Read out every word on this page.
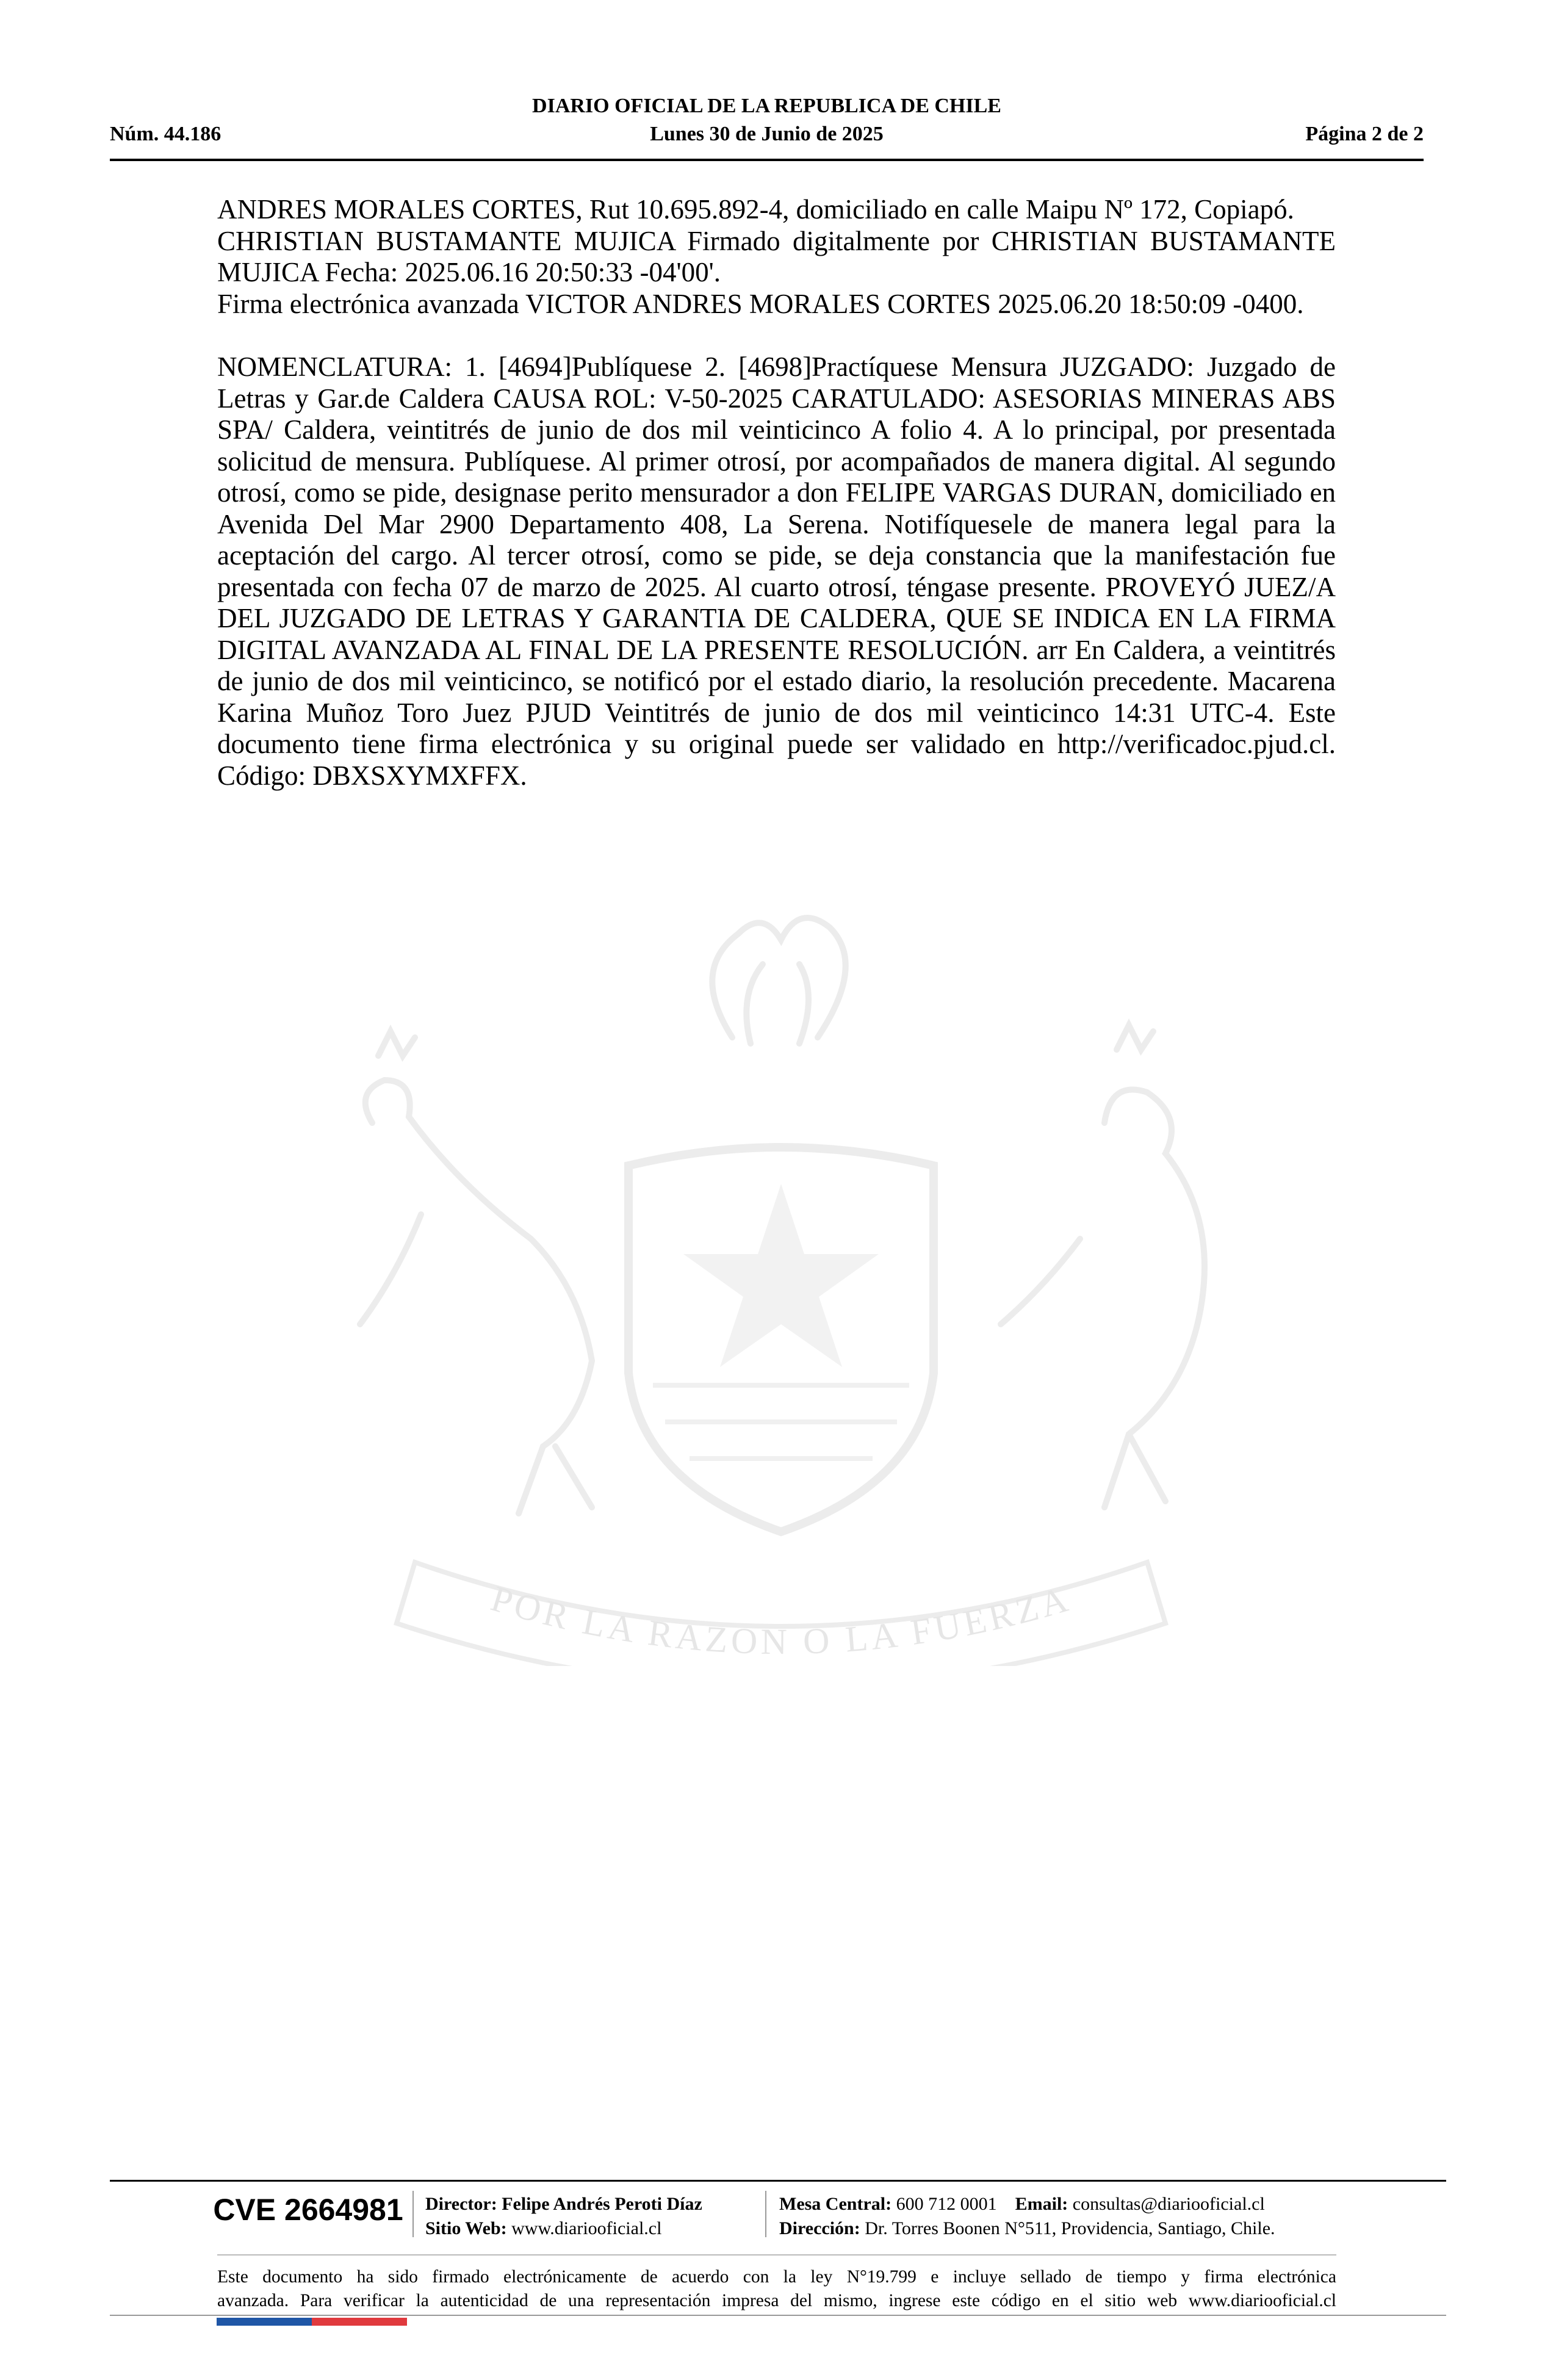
DIARIO OFICIAL DE LA REPUBLICA DE CHILE
Núm. 44.186	Lunes 30 de Junio de 2025	Página 2 de 2
POR LA RAZON O LA FUERZA

ANDRES MORALES CORTES, Rut 10.695.892-4, domiciliado en calle Maipu Nº 172, Copiapó.

CHRISTIAN BUSTAMANTE MUJICA Firmado digitalmente por CHRISTIAN BUSTAMANTE MUJICA Fecha: 2025.06.16 20:50:33 -04'00'.

Firma electrónica avanzada VICTOR ANDRES MORALES CORTES 2025.06.20 18:50:09 -0400.

NOMENCLATURA: 1. [4694]Publíquese 2. [4698]Practíquese Mensura JUZGADO: Juzgado de Letras y Gar.de Caldera CAUSA ROL: V-50-2025 CARATULADO: ASESORIAS MINERAS ABS SPA/ Caldera, veintitrés de junio de dos mil veinticinco A folio 4. A lo principal, por presentada solicitud de mensura. Publíquese. Al primer otrosí, por acompañados de manera digital. Al segundo otrosí, como se pide, designase perito mensurador a don FELIPE VARGAS DURAN, domiciliado en Avenida Del Mar 2900 Departamento 408, La Serena. Notifíquesele de manera legal para la aceptación del cargo. Al tercer otrosí, como se pide, se deja constancia que la manifestación fue presentada con fecha 07 de marzo de 2025. Al cuarto otrosí, téngase presente. PROVEYÓ JUEZ/A DEL JUZGADO DE LETRAS Y GARANTIA DE CALDERA, QUE SE INDICA EN LA FIRMA DIGITAL AVANZADA AL FINAL DE LA PRESENTE RESOLUCIÓN. arr En Caldera, a veintitrés de junio de dos mil veinticinco, se notificó por el estado diario, la resolución precedente. Macarena Karina Muñoz Toro Juez PJUD Veintitrés de junio de dos mil veinticinco 14:31 UTC-4. Este documento tiene firma electrónica y su original puede ser validado en http://verificadoc.pjud.cl. Código: DBXSXYMXFFX.

CVE 2664981	Director: Felipe Andrés Peroti Díaz
Sitio Web: www.diariooficial.cl
Mesa Central: 600 712 0001 Email: consultas@diariooficial.cl
Dirección: Dr. Torres Boonen N°511, Providencia, Santiago, Chile.
Este documento ha sido firmado electrónicamente de acuerdo con la ley N°19.799 e incluye sellado de tiempo y firma electrónica
avanzada. Para verificar la autenticidad de una representación impresa del mismo, ingrese este código en el sitio web www.diariooficial.cl
